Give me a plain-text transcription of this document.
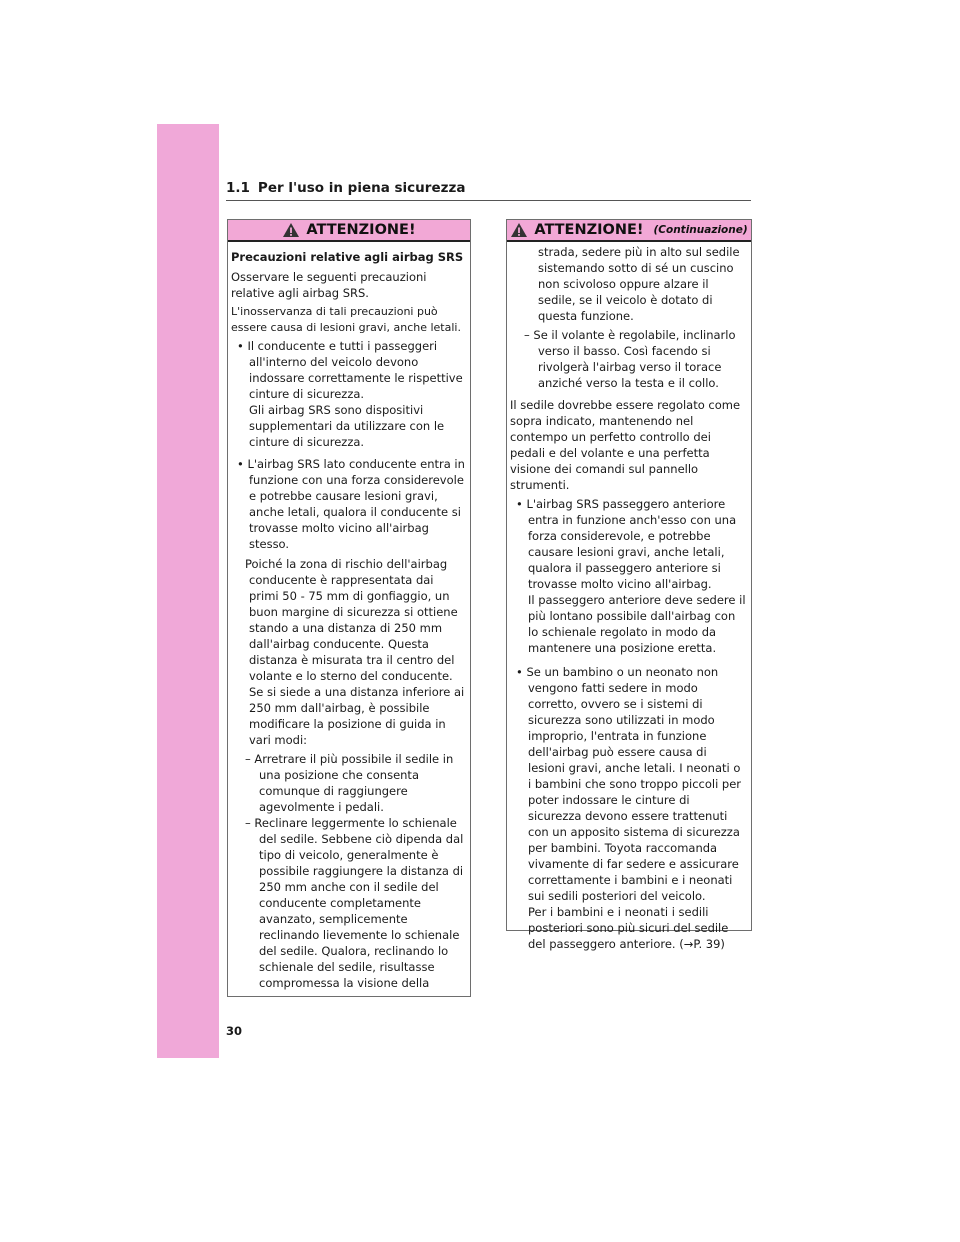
1.1 Per l'uso in piena sicurezza
ATTENZIONE!

Precauzioni relative agli airbag SRS

Osservare le seguenti precauzioni relative agli airbag SRS.

L'inosservanza di tali precauzioni può essere causa di lesioni gravi, anche letali.

• Il conducente e tutti i passeggeri all'interno del veicolo devono indossare correttamente le rispettive cinture di sicurezza.

Gli airbag SRS sono dispositivi supplementari da utilizzare con le cinture di sicurezza.

• L'airbag SRS lato conducente entra in funzione con una forza considerevole e potrebbe causare lesioni gravi, anche letali, qualora il conducente si trovasse molto vicino all'airbag stesso.

Poiché la zona di rischio dell'airbag conducente è rappresentata dai primi 50 - 75 mm di gonfiaggio, un buon margine di sicurezza si ottiene stando a una distanza di 250 mm dall'airbag conducente. Questa distanza è misurata tra il centro del volante e lo sterno del conducente. Se si siede a una distanza inferiore ai 250 mm dall'airbag, è possibile modificare la posizione di guida in vari modi:

– Arretrare il più possibile il sedile in una posizione che consenta comunque di raggiungere agevolmente i pedali.

– Reclinare leggermente lo schienale del sedile. Sebbene ciò dipenda dal tipo di veicolo, generalmente è possibile raggiungere la distanza di 250 mm anche con il sedile del conducente completamente avanzato, semplicemente reclinando lievemente lo schienale del sedile. Qualora, reclinando lo schienale del sedile, risultasse compromessa la visione della

ATTENZIONE! (Continuazione)

strada, sedere più in alto sul sedile sistemando sotto di sé un cuscino non scivoloso oppure alzare il sedile, se il veicolo è dotato di questa funzione.

– Se il volante è regolabile, inclinarlo verso il basso. Così facendo si rivolgerà l'airbag verso il torace anziché verso la testa e il collo.

Il sedile dovrebbe essere regolato come sopra indicato, mantenendo nel contempo un perfetto controllo dei pedali e del volante e una perfetta visione dei comandi sul pannello strumenti.

• L'airbag SRS passeggero anteriore entra in funzione anch'esso con una forza considerevole, e potrebbe causare lesioni gravi, anche letali, qualora il passeggero anteriore si trovasse molto vicino all'airbag.

Il passeggero anteriore deve sedere il più lontano possibile dall'airbag con lo schienale regolato in modo da mantenere una posizione eretta.

• Se un bambino o un neonato non vengono fatti sedere in modo corretto, ovvero se i sistemi di sicurezza sono utilizzati in modo improprio, l'entrata in funzione dell'airbag può essere causa di lesioni gravi, anche letali. I neonati o i bambini che sono troppo piccoli per poter indossare le cinture di sicurezza devono essere trattenuti con un apposito sistema di sicurezza per bambini. Toyota raccomanda vivamente di far sedere e assicurare correttamente i bambini e i neonati sui sedili posteriori del veicolo.

Per i bambini e i neonati i sedili posteriori sono più sicuri del sedile del passeggero anteriore. (→P. 39)

30
